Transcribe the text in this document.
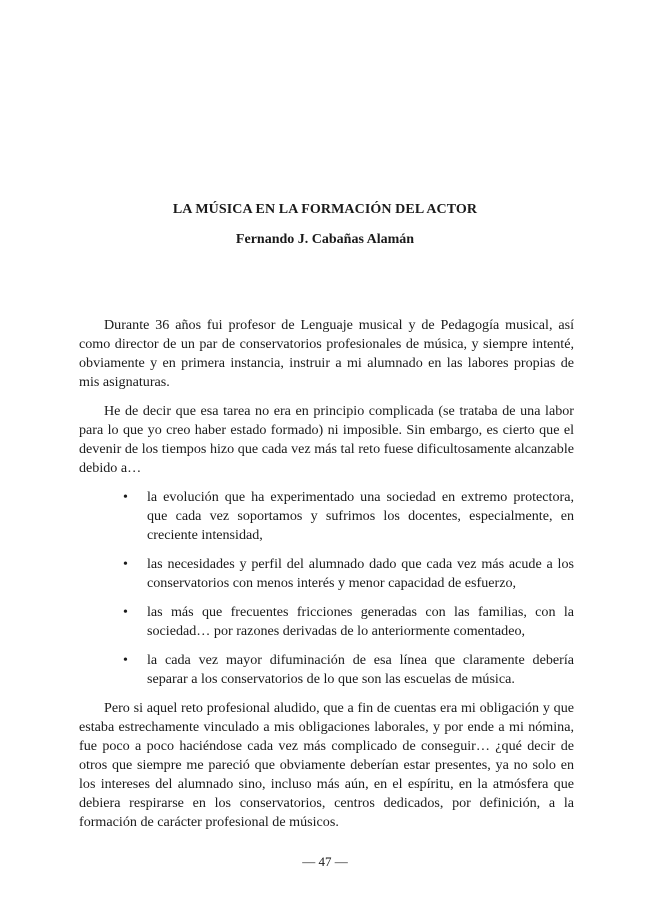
LA MÚSICA EN LA FORMACIÓN DEL ACTOR
Fernando J. Cabañas Alamán

Durante 36 años fui profesor de Lenguaje musical y de Pedagogía musical, así como director de un par de conservatorios profesionales de música, y siempre intenté, obviamente y en primera instancia, instruir a mi alumnado en las labores propias de mis asignaturas.

He de decir que esa tarea no era en principio complicada (se trataba de una labor para lo que yo creo haber estado formado) ni imposible. Sin embargo, es cierto que el devenir de los tiempos hizo que cada vez más tal reto fuese dificultosamente alcanzable debido a…

• la evolución que ha experimentado una sociedad en extremo protectora, que cada vez soportamos y sufrimos los docentes, especialmente, en creciente intensidad,
• las necesidades y perfil del alumnado dado que cada vez más acude a los conservatorios con menos interés y menor capacidad de esfuerzo,
• las más que frecuentes fricciones generadas con las familias, con la sociedad… por razones derivadas de lo anteriormente comentadeo,
• la cada vez mayor difuminación de esa línea que claramente debería separar a los conservatorios de lo que son las escuelas de música.

Pero si aquel reto profesional aludido, que a fin de cuentas era mi obligación y que estaba estrechamente vinculado a mis obligaciones laborales, y por ende a mi nómina, fue poco a poco haciéndose cada vez más complicado de conseguir… ¿qué decir de otros que siempre me pareció que obviamente deberían estar presentes, ya no solo en los intereses del alumnado sino, incluso más aún, en el espíritu, en la atmósfera que debiera respirarse en los conservatorios, centros dedicados, por definición, a la formación de carácter profesional de músicos.

— 47 —
